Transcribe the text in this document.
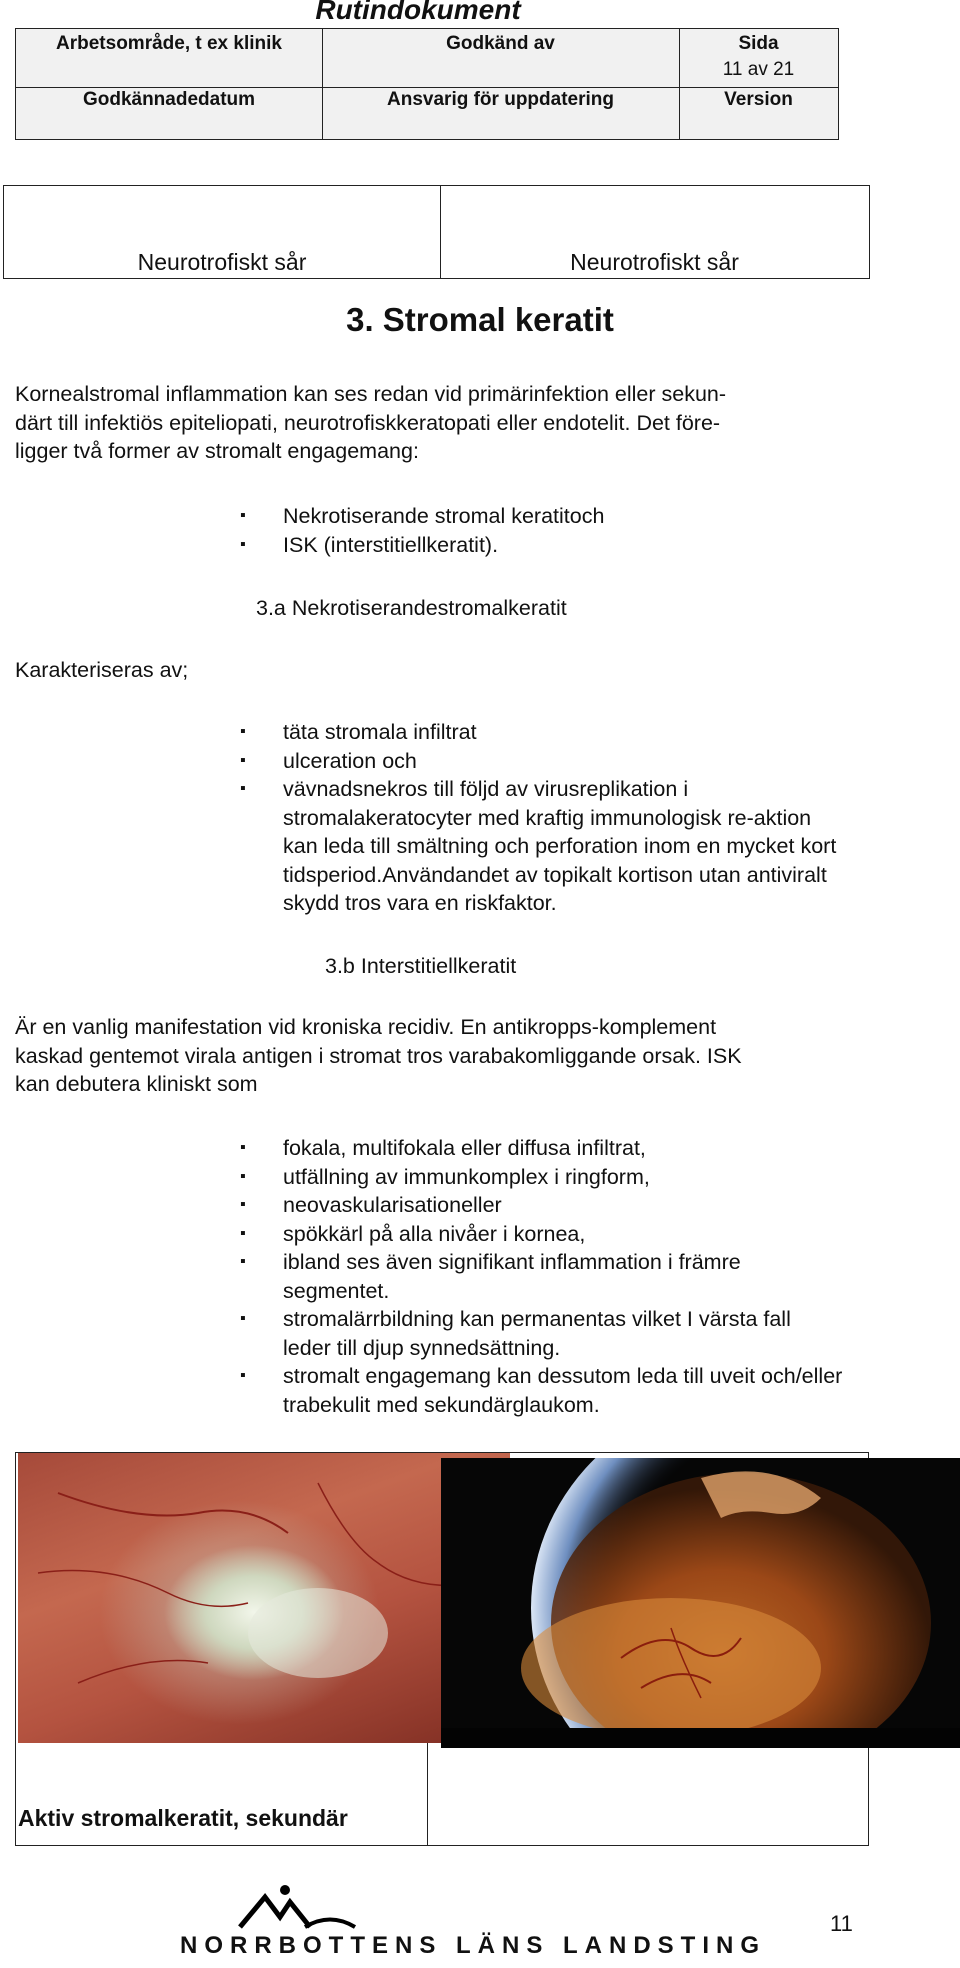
Rutindokument
Arbetsområde, t ex klinik	Godkänd av	Sida
11 av 21
Godkännadedatum	Ansvarig för uppdatering	Version
Neurotrofiskt sår	Neurotrofiskt sår
3. Stromal keratit

Kornealstromal inflammation kan ses redan vid primärinfektion eller sekun-
därt till infektiös epiteliopati, neurotrofiskkeratopati eller endotelit. Det före-
ligger två former av stromalt engagemang:

▪ Nekrotiserande stromal keratitoch
▪ ISK (interstitiellkeratit).
3.a Nekrotiserandestromalkeratit
Karakteriseras av;
▪ täta stromala infiltrat
▪ ulceration och
▪ vävnadsnekros till följd av virusreplikation i stromalakeratocyter med kraftig immunologisk re-aktion kan leda till smältning och perforation inom en mycket kort tidsperiod.Användandet av topikalt kortison utan antiviralt skydd tros vara en riskfaktor.
3.b Interstitiellkeratit

Är en vanlig manifestation vid kroniska recidiv. En antikropps-komplement
kaskad gentemot virala antigen i stromat tros varabakomliggande orsak. ISK
kan debutera kliniskt som

▪ fokala, multifokala eller diffusa infiltrat,
▪ utfällning av immunkomplex i ringform,
▪ neovaskularisationeller
▪ spökkärl på alla nivåer i kornea,
▪ ibland ses även signifikant inflammation i främre segmentet.
▪ stromalärrbildning kan permanentas vilket I värsta fall leder till djup synnedsättning.
▪ stromalt engagemang kan dessutom leda till uveit och/eller trabekulit med sekundärglaukom.
Aktiv stromalkeratit, sekundär
NORRBOTTENS LÄNS LANDSTING
11
